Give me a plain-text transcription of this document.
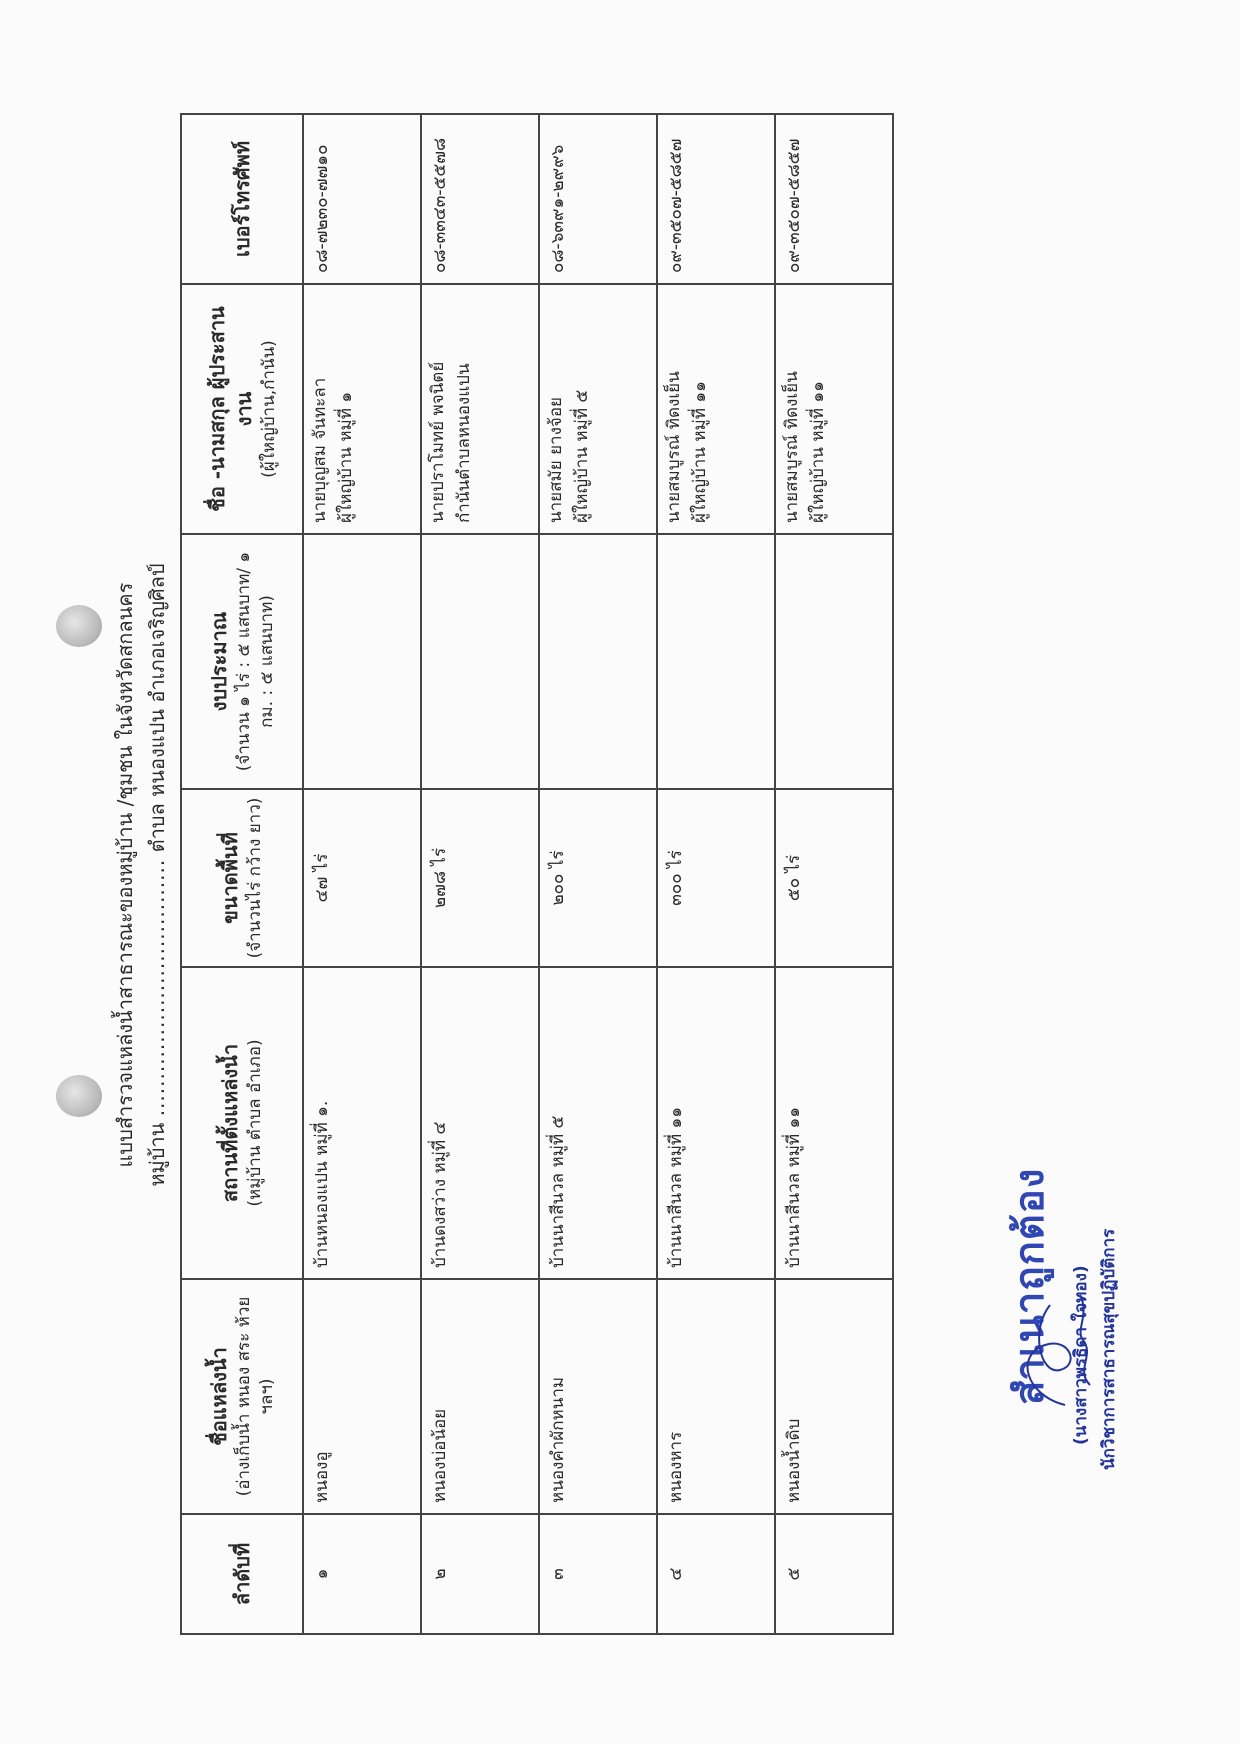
แบบสำรวจแหล่งน้ำสาธารณะของหมู่บ้าน /ชุมชน ในจังหวัดสกลนคร หมู่บ้าน ................................... ตำบล หนองแปน อำเภอเจริญศิลป์
ลำดับที่	ชื่อแหล่งน้ำ (อ่างเก็บน้ำ หนอง สระ ห้วย ฯลฯ)	สถานที่ตั้งแหล่งน้ำ (หมู่บ้าน ตำบล อำเภอ)	ขนาดพื้นที่ (จำนวนไร่ กว้าง ยาว)	งบประมาณ (จำนวน ๑ ไร่ : ๕ แสนบาท/ ๑ กม. : ๕ แสนบาท)	ชื่อ -นามสกุล ผู้ประสานงาน (ผู้ใหญ่บ้าน,กำนัน)	เบอร์โทรศัพท์
๑	หนองอู	บ้านหนองแปน หมู่ที่ ๑.	๔๗ ไร่		นายบุญสม จันทะลา ผู้ใหญ่บ้าน หมู่ที่ ๑	๐๘-๗๒๓๐-๗๗๑๐
๒	หนองบ่อน้อย	บ้านดงสว่าง หมู่ที่ ๔	๒๗๘ ไร่		นายปราโมทย์ พจนิตย์ กำนันตำบลหนองแปน	๐๘-๓๓๔๓-๕๕๗๘
๓	หนองคำผักหนาม	บ้านนาสีนวล หมู่ที่ ๕	๒๐๐ ไร่		นายสมัย ยางจ้อย ผู้ใหญ่บ้าน หมู่ที่ ๕	๐๘-๖๓๙๑-๒๙๙๖
๔	หนองหาร	บ้านนาสีนวล หมู่ที่ ๑๑	๓๐๐ ไร่		นายสมบูรณ์ ทิดงเย็น ผู้ใหญ่บ้าน หมู่ที่ ๑๑	๐๙-๓๕๐๗-๕๘๕๗
๕	หนองน้ำดิบ	บ้านนาสีนวล หมู่ที่ ๑๑	๕๐ ไร่		นายสมบูรณ์ ทิดงเย็น ผู้ใหญ่บ้าน หมู่ที่ ๑๑	๐๙-๓๕๐๗-๕๘๕๗
สำเนาถูกต้อง	(นางสาวพรธิดา ใจทอง) นักวิชาการสาธารณสุขปฏิบัติการ
